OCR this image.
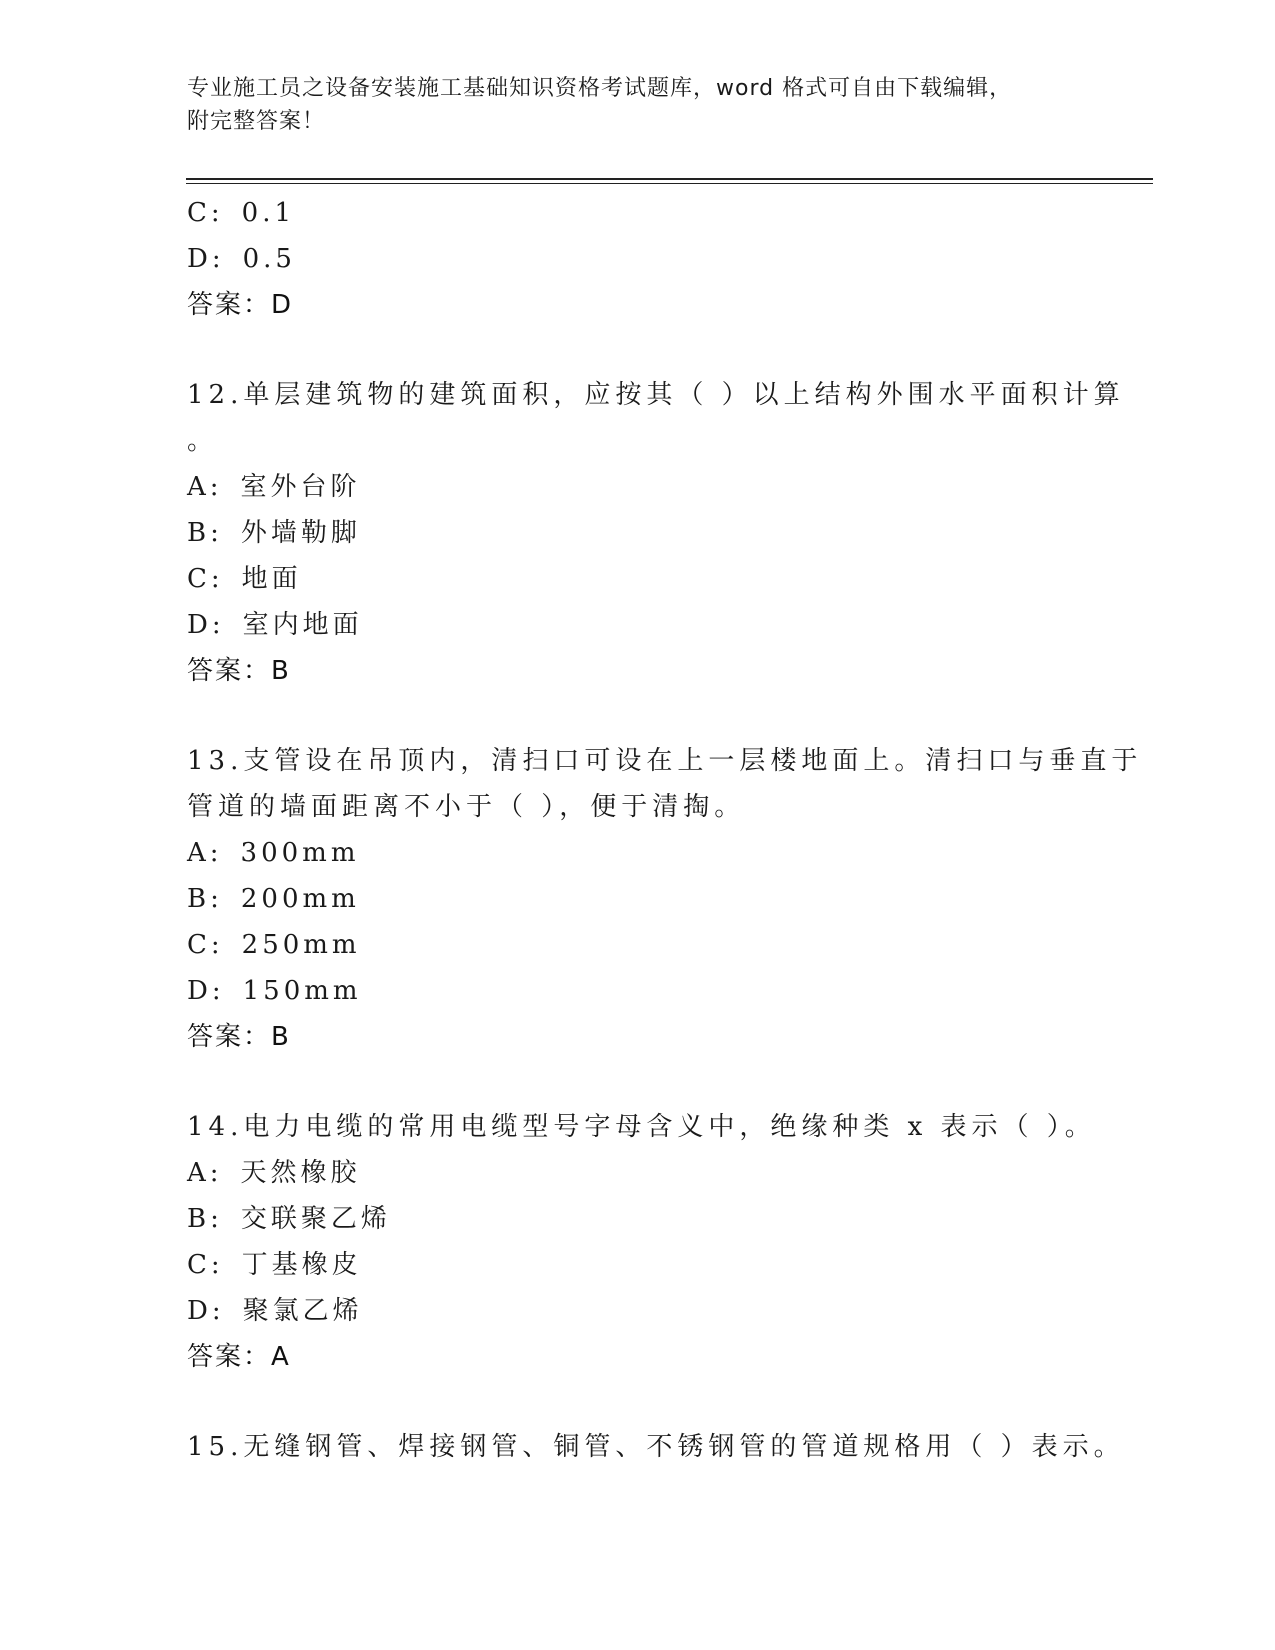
专业施工员之设备安装施工基础知识资格考试题库，word 格式可自由下载编辑，
附完整答案！
C: 0.1
D: 0.5
答案：D
12.单层建筑物的建筑面积，应按其（ ）以上结构外围水平面积计算
。
A: 室外台阶
B: 外墙勒脚
C: 地面
D: 室内地面
答案：B
13.支管设在吊顶内，清扫口可设在上一层楼地面上。清扫口与垂直于
管道的墙面距离不小于（ ），便于清掏。
A: 300mm
B: 200mm
C: 250mm
D: 150mm
答案：B
14.电力电缆的常用电缆型号字母含义中，绝缘种类 x 表示（ ）。
A: 天然橡胶
B: 交联聚乙烯
C: 丁基橡皮
D: 聚氯乙烯
答案：A
15.无缝钢管、焊接钢管、铜管、不锈钢管的管道规格用（ ）表示。
